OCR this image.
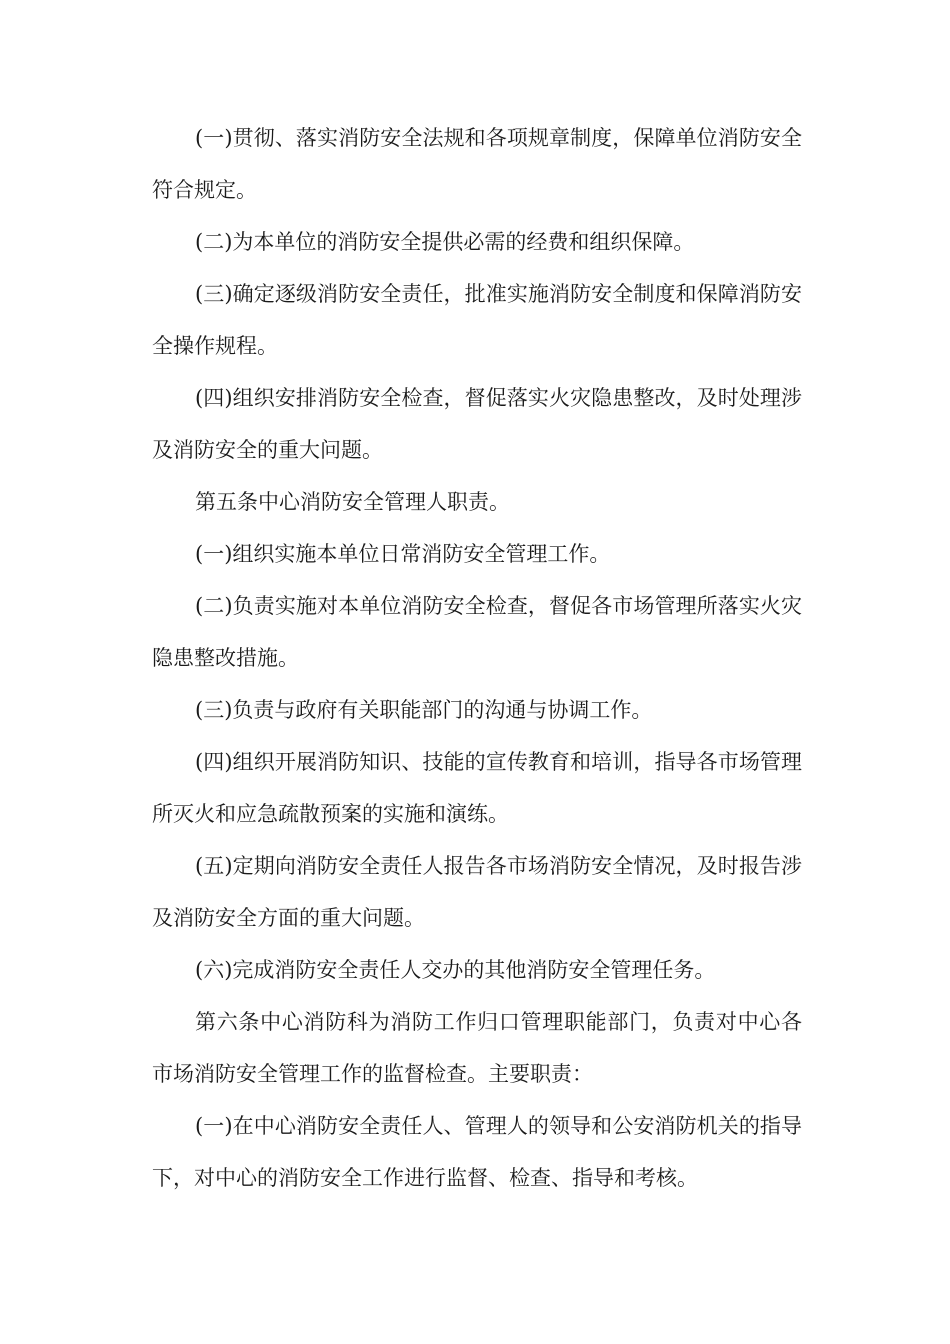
(一)贯彻、落实消防安全法规和各项规章制度，保障单位消防安全符合规定。

(二)为本单位的消防安全提供必需的经费和组织保障。

(三)确定逐级消防安全责任，批准实施消防安全制度和保障消防安全操作规程。

(四)组织安排消防安全检查，督促落实火灾隐患整改，及时处理涉及消防安全的重大问题。

第五条中心消防安全管理人职责。

(一)组织实施本单位日常消防安全管理工作。

(二)负责实施对本单位消防安全检查，督促各市场管理所落实火灾隐患整改措施。

(三)负责与政府有关职能部门的沟通与协调工作。

(四)组织开展消防知识、技能的宣传教育和培训，指导各市场管理所灭火和应急疏散预案的实施和演练。

(五)定期向消防安全责任人报告各市场消防安全情况，及时报告涉及消防安全方面的重大问题。

(六)完成消防安全责任人交办的其他消防安全管理任务。

第六条中心消防科为消防工作归口管理职能部门，负责对中心各市场消防安全管理工作的监督检查。主要职责：

(一)在中心消防安全责任人、管理人的领导和公安消防机关的指导下，对中心的消防安全工作进行监督、检查、指导和考核。
